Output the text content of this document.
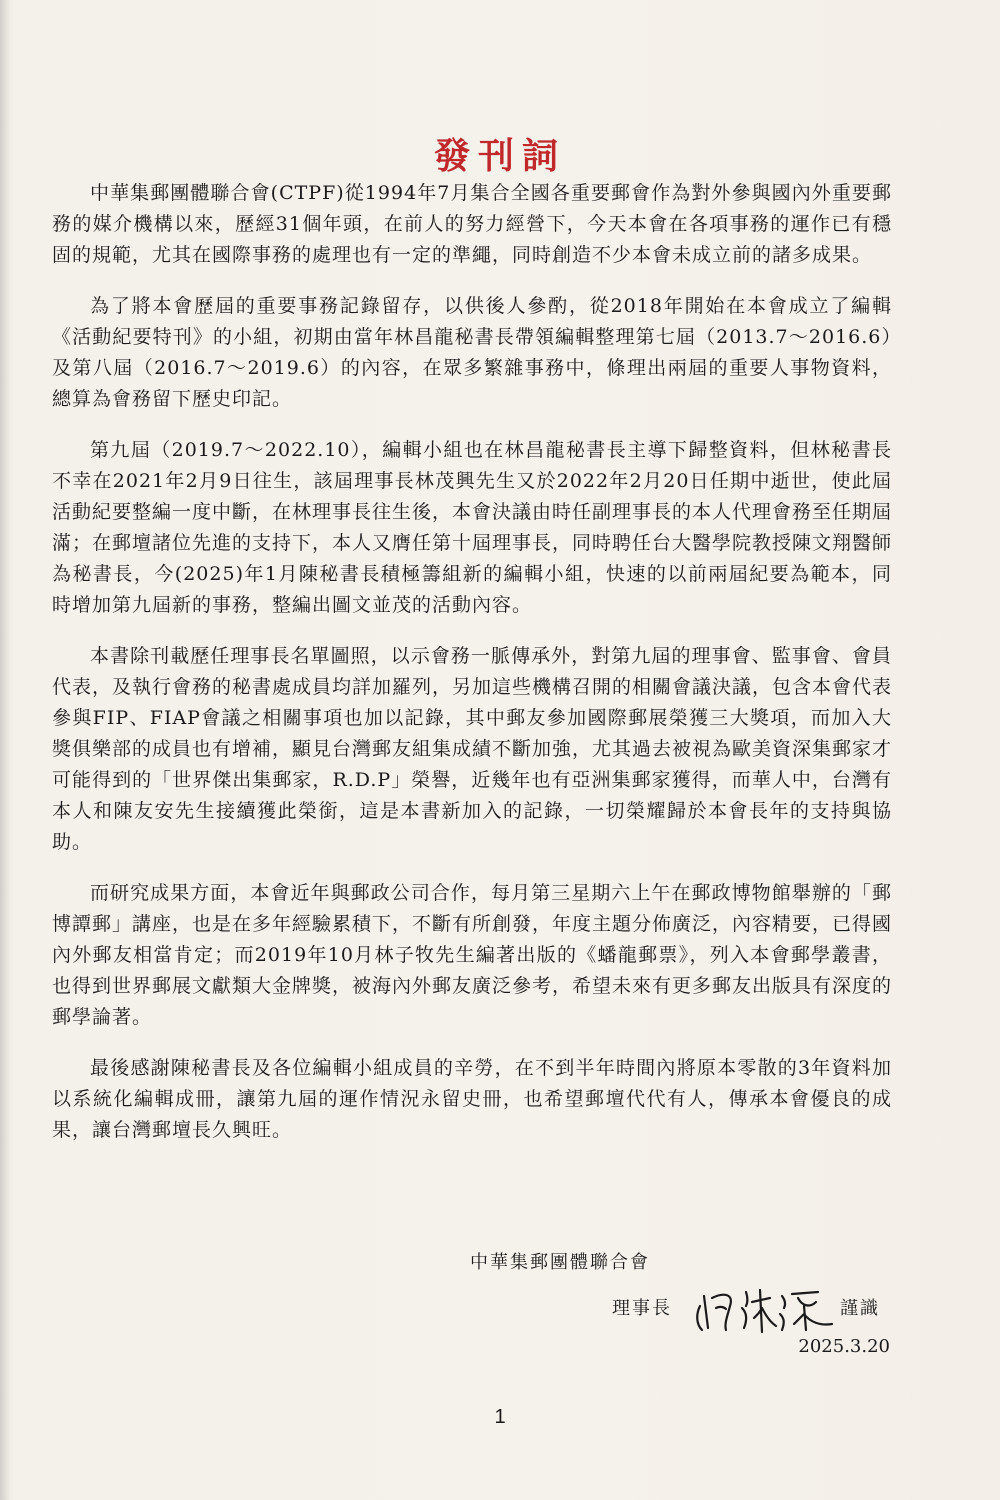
發刊詞

中華集郵團體聯合會(CTPF)從1994年7月集合全國各重要郵會作為對外參與國內外重要郵務的媒介機構以來，歷經31個年頭，在前人的努力經營下，今天本會在各項事務的運作已有穩固的規範，尤其在國際事務的處理也有一定的準繩，同時創造不少本會未成立前的諸多成果。

為了將本會歷屆的重要事務記錄留存，以供後人參酌，從2018年開始在本會成立了編輯《活動紀要特刊》的小組，初期由當年林昌龍秘書長帶領編輯整理第七屆（2013.7～2016.6）及第八屆（2016.7～2019.6）的內容，在眾多繁雜事務中，條理出兩屆的重要人事物資料，總算為會務留下歷史印記。

第九屆（2019.7～2022.10），編輯小組也在林昌龍秘書長主導下歸整資料，但林秘書長不幸在2021年2月9日往生，該屆理事長林茂興先生又於2022年2月20日任期中逝世，使此屆活動紀要整編一度中斷，在林理事長往生後，本會決議由時任副理事長的本人代理會務至任期屆滿；在郵壇諸位先進的支持下，本人又膺任第十屆理事長，同時聘任台大醫學院教授陳文翔醫師為秘書長，今(2025)年1月陳秘書長積極籌組新的編輯小組，快速的以前兩屆紀要為範本，同時增加第九屆新的事務，整編出圖文並茂的活動內容。

本書除刊載歷任理事長名單圖照，以示會務一脈傳承外，對第九屆的理事會、監事會、會員代表，及執行會務的秘書處成員均詳加羅列，另加這些機構召開的相關會議決議，包含本會代表參與FIP、FIAP會議之相關事項也加以記錄，其中郵友參加國際郵展榮獲三大獎項，而加入大獎俱樂部的成員也有增補，顯見台灣郵友組集成績不斷加強，尤其過去被視為歐美資深集郵家才可能得到的「世界傑出集郵家，R.D.P」榮譽，近幾年也有亞洲集郵家獲得，而華人中，台灣有本人和陳友安先生接續獲此榮銜，這是本書新加入的記錄，一切榮耀歸於本會長年的支持與協助。

而研究成果方面，本會近年與郵政公司合作，每月第三星期六上午在郵政博物館舉辦的「郵博譚郵」講座，也是在多年經驗累積下，不斷有所創發，年度主題分佈廣泛，內容精要，已得國內外郵友相當肯定；而2019年10月林子牧先生編著出版的《蟠龍郵票》，列入本會郵學叢書，也得到世界郵展文獻類大金牌獎，被海內外郵友廣泛參考，希望未來有更多郵友出版具有深度的郵學論著。

最後感謝陳秘書長及各位編輯小組成員的辛勞，在不到半年時間內將原本零散的3年資料加以系統化編輯成冊，讓第九屆的運作情況永留史冊，也希望郵壇代代有人，傳承本會優良的成果，讓台灣郵壇長久興旺。

中華集郵團體聯合會
理事長	謹識
2025.3.20
1
